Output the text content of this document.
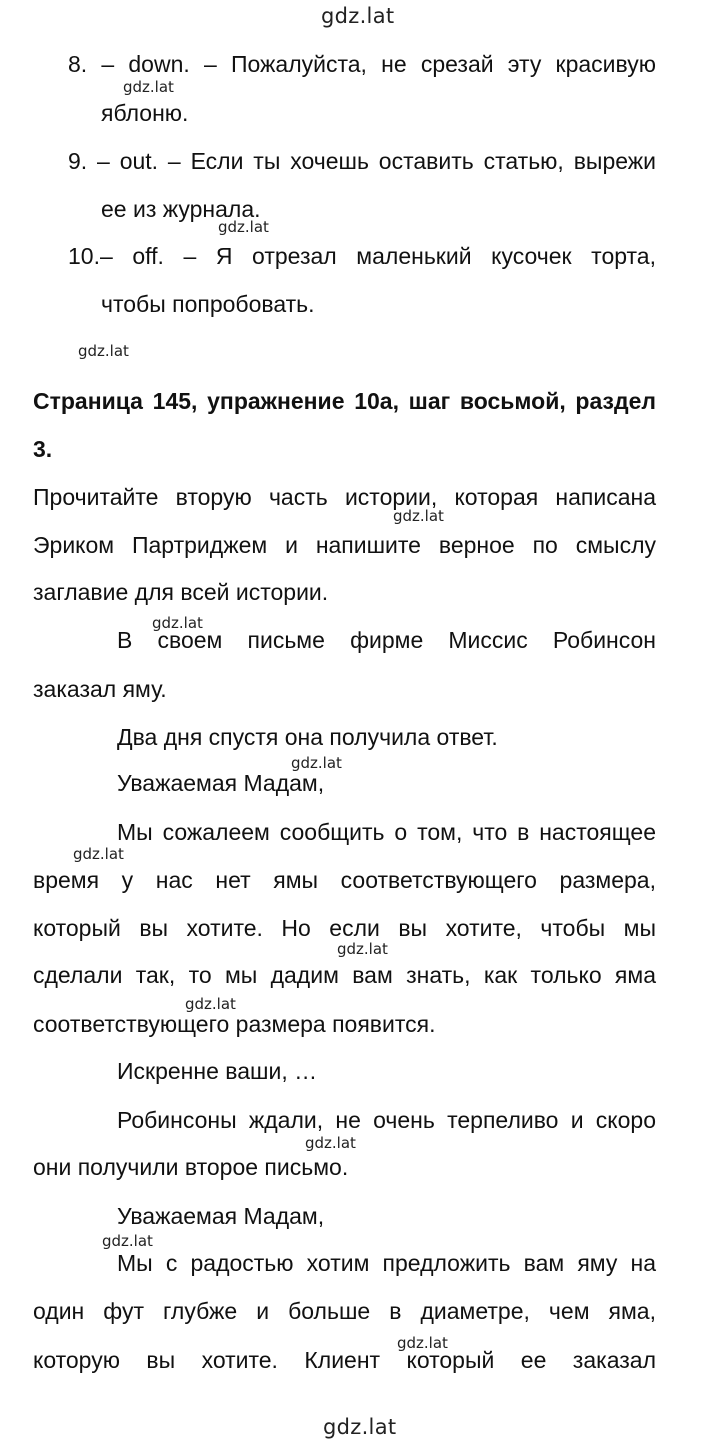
gdz.lat
gdz.lat
gdz.lat
gdz.lat
gdz.lat
gdz.lat
gdz.lat
gdz.lat
gdz.lat
gdz.lat
gdz.lat
gdz.lat
gdz.lat
gdz.lat
8. – down. – Пожалуйста, не срезай эту красивую
яблоню.
9. – out. – Если ты хочешь оставить статью, вырежи
ее из журнала.
10.– off. – Я отрезал маленький кусочек торта,
чтобы попробовать.
Страница 145, упражнение 10a, шаг восьмой, раздел
3.
Прочитайте вторую часть истории, которая написана
Эриком Партриджем и напишите верное по смыслу
заглавие для всей истории.
В своем письме фирме Миссис Робинсон
заказал яму.
Два дня спустя она получила ответ.
Уважаемая Мадам,
Мы сожалеем сообщить о том, что в настоящее
время у нас нет ямы соответствующего размера,
который вы хотите. Но если вы хотите, чтобы мы
сделали так, то мы дадим вам знать, как только яма
соответствующего размера появится.
Искренне ваши, …
Робинсоны ждали, не очень терпеливо и скоро
они получили второе письмо.
Уважаемая Мадам,
Мы с радостью хотим предложить вам яму на
один фут глубже и больше в диаметре, чем яма,
которую вы хотите. Клиент который ее заказал
